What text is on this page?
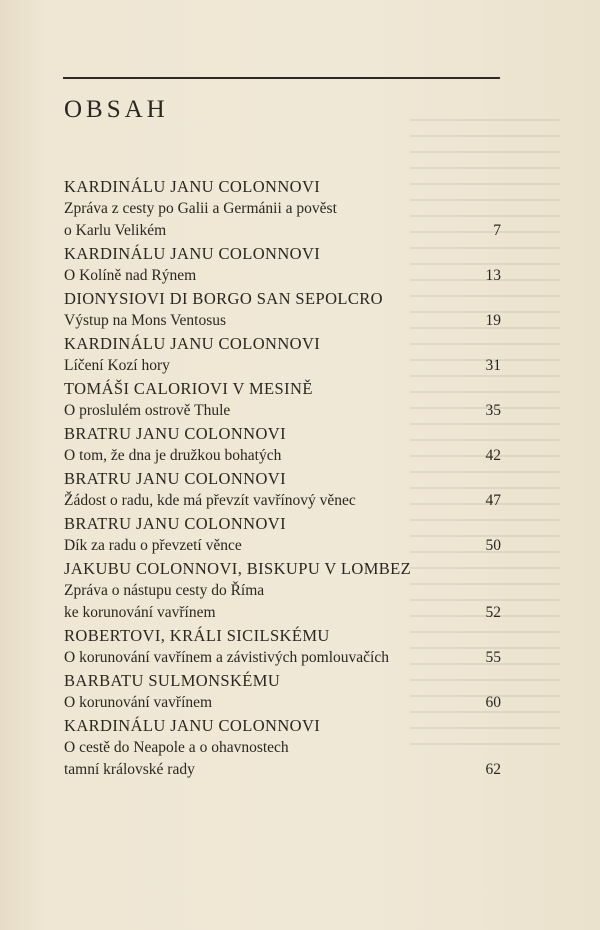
OBSAH
KARDINÁLU JANU COLONNOVI
Zpráva z cesty po Galii a Germánii a pověst
o Karlu Velikém	7
KARDINÁLU JANU COLONNOVI
O Kolíně nad Rýnem	13
DIONYSIOVI DI BORGO SAN SEPOLCRO
Výstup na Mons Ventosus	19
KARDINÁLU JANU COLONNOVI
Líčení Kozí hory	31
TOMÁŠI CALORIOVI V MESINĚ
O proslulém ostrově Thule	35
BRATRU JANU COLONNOVI
O tom, že dna je družkou bohatých	42
BRATRU JANU COLONNOVI
Žádost o radu, kde má převzít vavřínový věnec	47
BRATRU JANU COLONNOVI
Dík za radu o převzetí věnce	50
JAKUBU COLONNOVI, BISKUPU V LOMBEZ
Zpráva o nástupu cesty do Říma
ke korunování vavřínem	52
ROBERTOVI, KRÁLI SICILSKÉMU
O korunování vavřínem a závistivých pomlouvačích	55
BARBATU SULMONSKÉMU
O korunování vavřínem	60
KARDINÁLU JANU COLONNOVI
O cestě do Neapole a o ohavnostech
tamní královské rady	62
